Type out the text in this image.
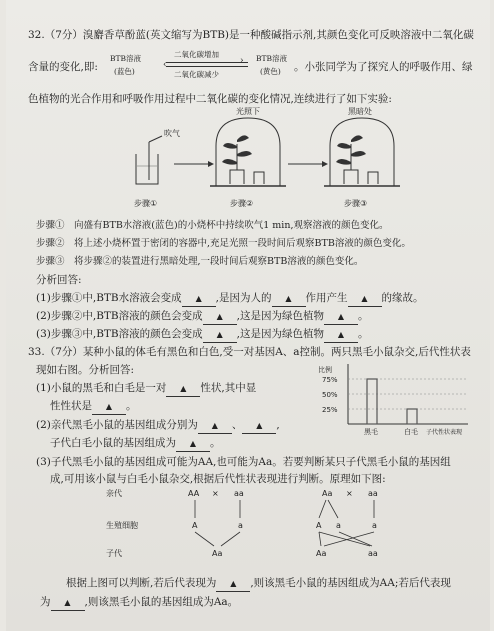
32.（7分）溴麝香草酚蓝(英文缩写为BTB)是一种酸碱指示剂,其颜色变化可反映溶液中二氧化碳
含量的变化,即:
BTB溶液
(蓝色)
二氧化碳增加
›
‹
二氧化碳减少
BTB溶液
(黄色) 。小张同学为了探究人的呼吸作用、绿
色植物的光合作用和呼吸作用过程中二氧化碳的变化情况,连续进行了如下实验:
吹气
光照下	黑暗处
步骤①	步骤②	步骤③
步骤①　向盛有BTB水溶液(蓝色)的小烧杯中持续吹气1 min,观察溶液的颜色变化。
步骤②　将上述小烧杯置于密闭的容器中,充足光照一段时间后观察BTB溶液的颜色变化。
步骤③　将步骤②的装置进行黑暗处理,一段时间后观察BTB溶液的颜色变化。
分析回答:
(1)步骤①中,BTB水溶液会变成 ▲ ,是因为人的 ▲ 作用产生 ▲ 的缘故。
(2)步骤②中,BTB溶液的颜色会变成 ▲ ,这是因为绿色植物 ▲ 。
(3)步骤③中,BTB溶液的颜色会变成 ▲ ,这是因为绿色植物 ▲ 。
33.（7分）某种小鼠的体毛有黑色和白色,受一对基因A、a控制。两只黑毛小鼠杂交,后代性状表
现如右图。分析回答:
(1)小鼠的黑毛和白毛是一对 ▲ 性状,其中显
性性状是 ▲ 。
(2)亲代黑毛小鼠的基因组成分别为 ▲ 、 ▲ ,
子代白毛小鼠的基因组成为 ▲ 。
比例
25%
50%
75%
黑毛	白毛 子代性状表现
(3)子代黑毛小鼠的基因组成可能为AA,也可能为Aa。若要判断某只子代黑毛小鼠的基因组
成,可用该小鼠与白毛小鼠杂交,根据后代性状表现进行判断。原理如下图:
亲代
生殖细胞
子代
AA × aa
A	a
Aa
Aa × aa
A a	a
Aa	aa
根据上图可以判断,若后代表现为 ▲ ,则该黑毛小鼠的基因组成为AA;若后代表现
为 ▲ ,则该黑毛小鼠的基因组成为Aa。
